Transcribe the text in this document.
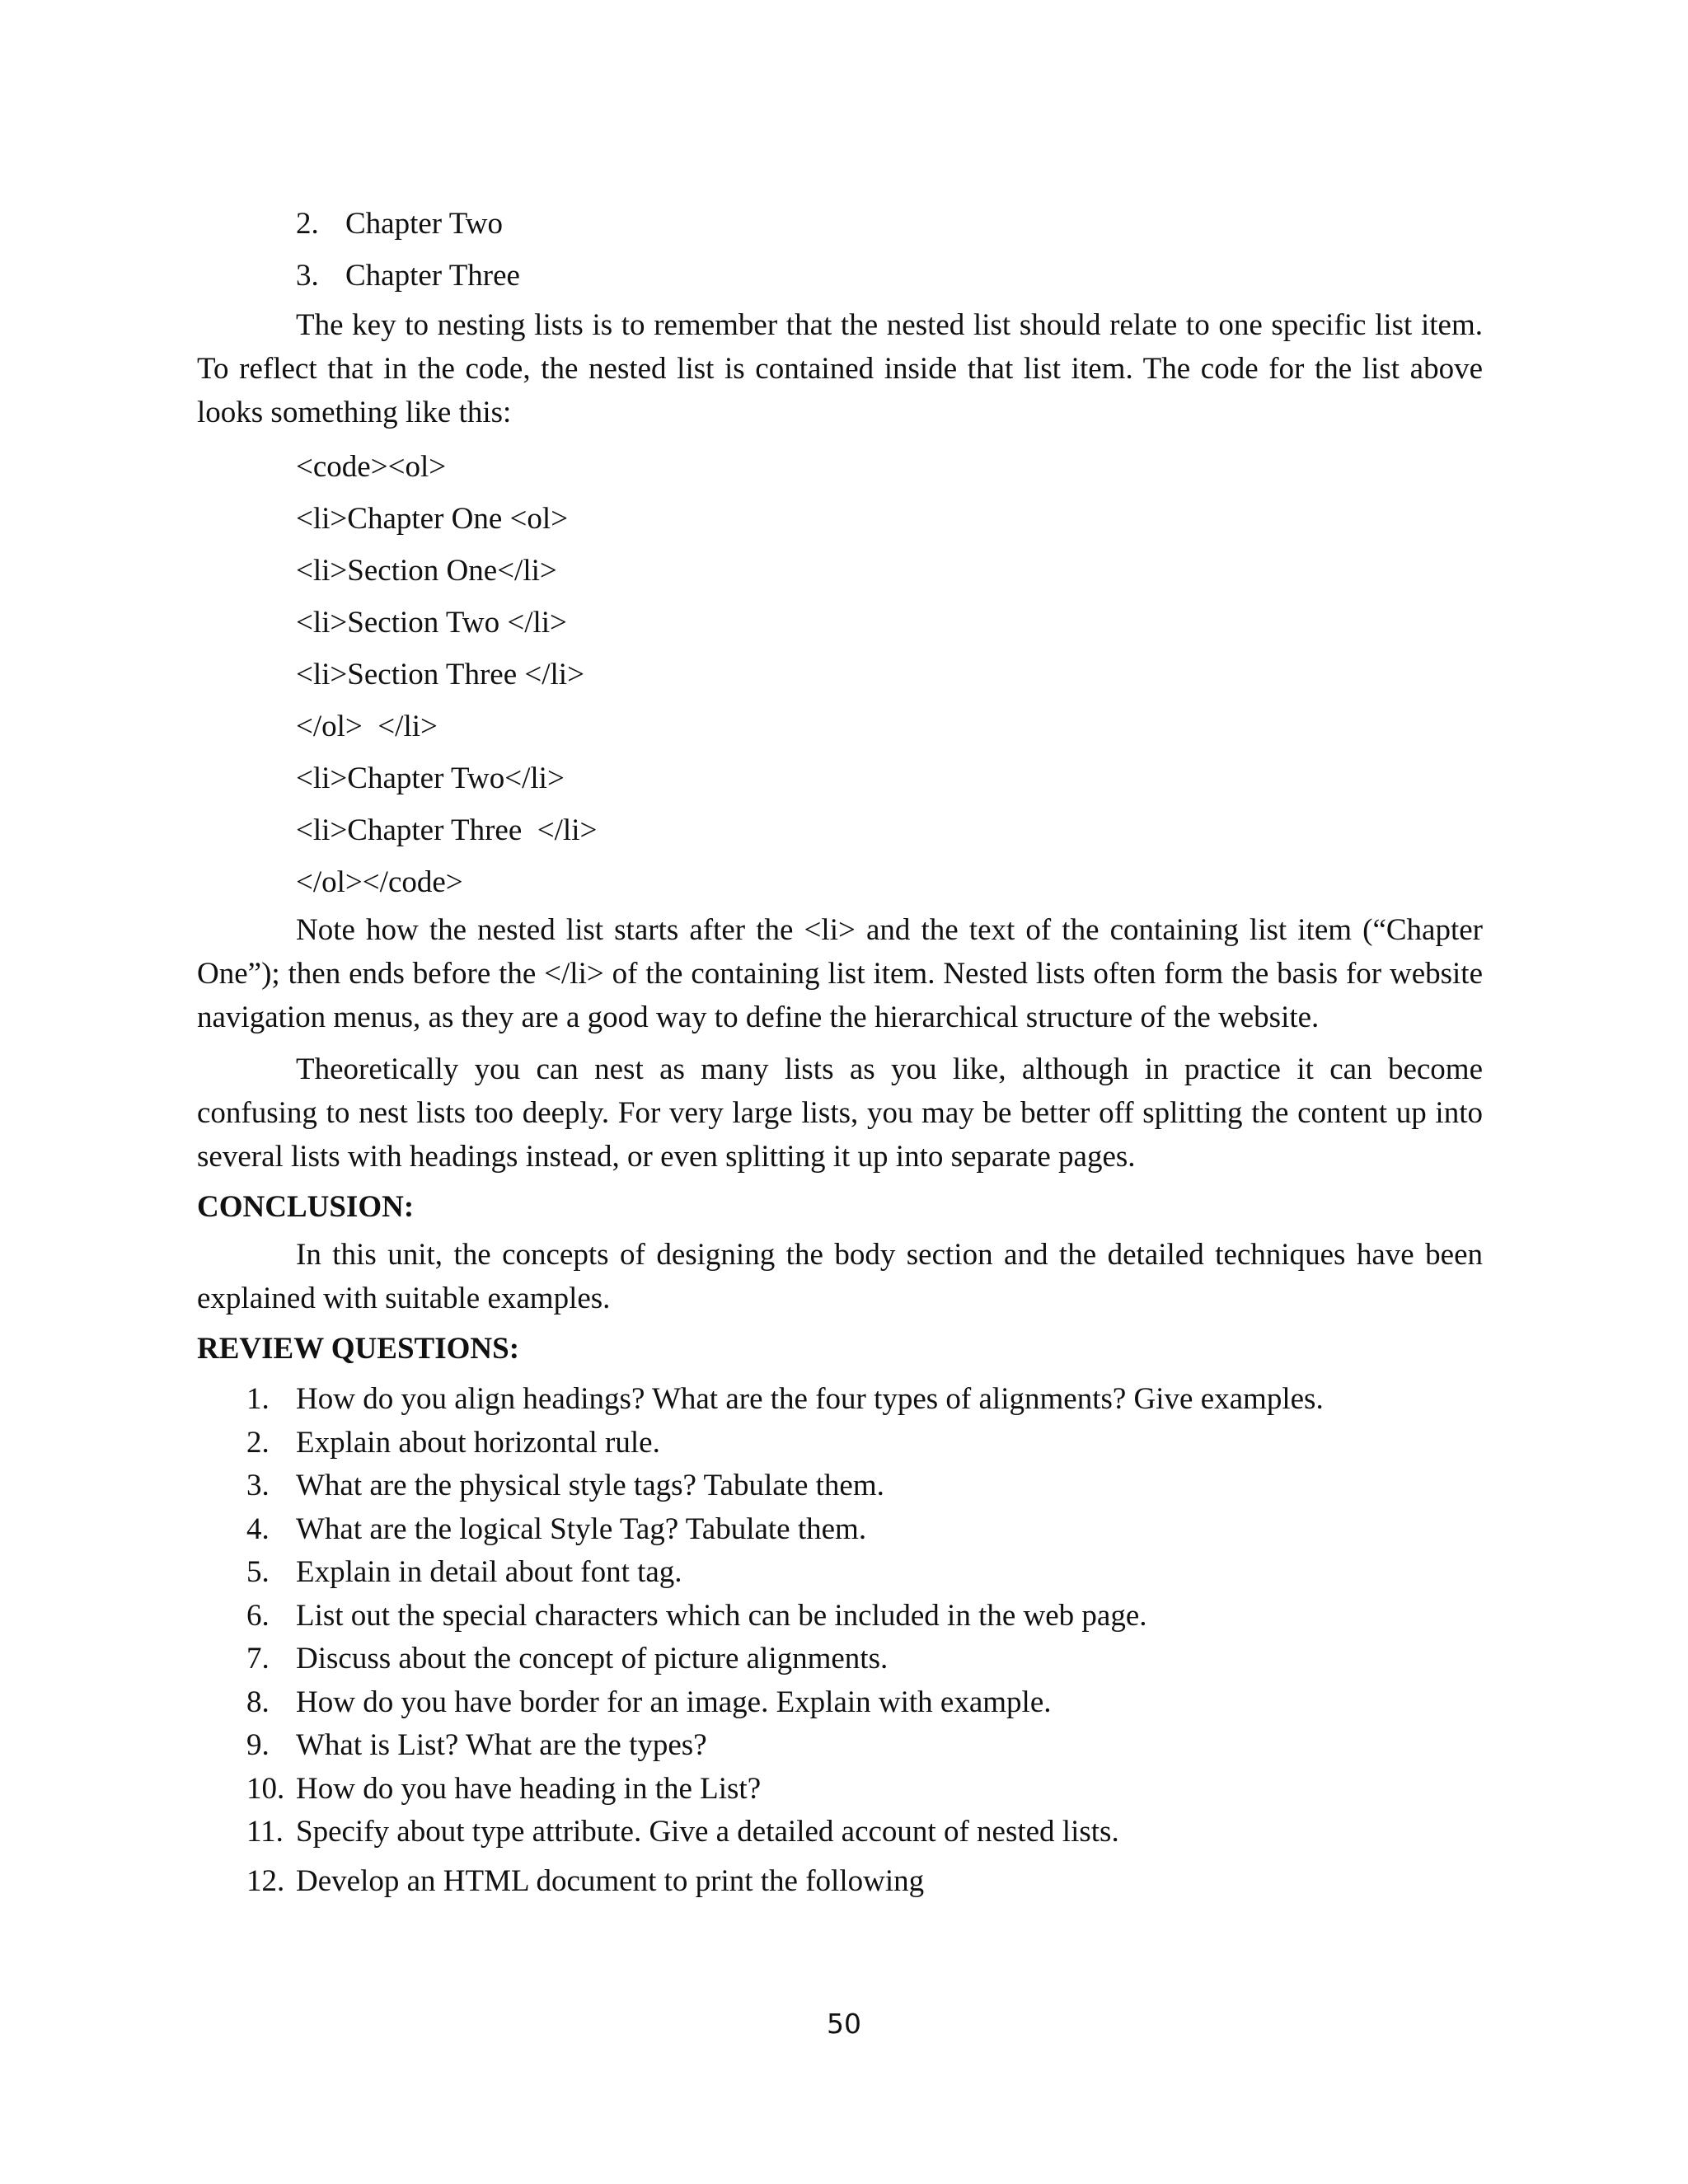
2. Chapter Two
3. Chapter Three

The key to nesting lists is to remember that the nested list should relate to one specific list item. To reflect that in the code, the nested list is contained inside that list item. The code for the list above looks something like this:

<code><ol>
<li>Chapter One <ol>
<li>Section One</li>
<li>Section Two </li>
<li>Section Three </li>
</ol>  </li>
<li>Chapter Two</li>
<li>Chapter Three  </li>
</ol></code>

Note how the nested list starts after the <li> and the text of the containing list item (“Chapter One”); then ends before the </li> of the containing list item. Nested lists often form the basis for website navigation menus, as they are a good way to define the hierarchical structure of the website.

Theoretically you can nest as many lists as you like, although in practice it can become confusing to nest lists too deeply. For very large lists, you may be better off splitting the content up into several lists with headings instead, or even splitting it up into separate pages.

CONCLUSION:

In this unit, the concepts of designing the body section and the detailed techniques have been explained with suitable examples.

REVIEW QUESTIONS:
1. How do you align headings? What are the four types of alignments? Give examples.
2. Explain about horizontal rule.
3. What are the physical style tags? Tabulate them.
4. What are the logical Style Tag? Tabulate them.
5. Explain in detail about font tag.
6. List out the special characters which can be included in the web page.
7. Discuss about the concept of picture alignments.
8. How do you have border for an image. Explain with example.
9. What is List? What are the types?
10. How do you have heading in the List?
11. Specify about type attribute. Give a detailed account of nested lists.
12. Develop an HTML document to print the following
50
